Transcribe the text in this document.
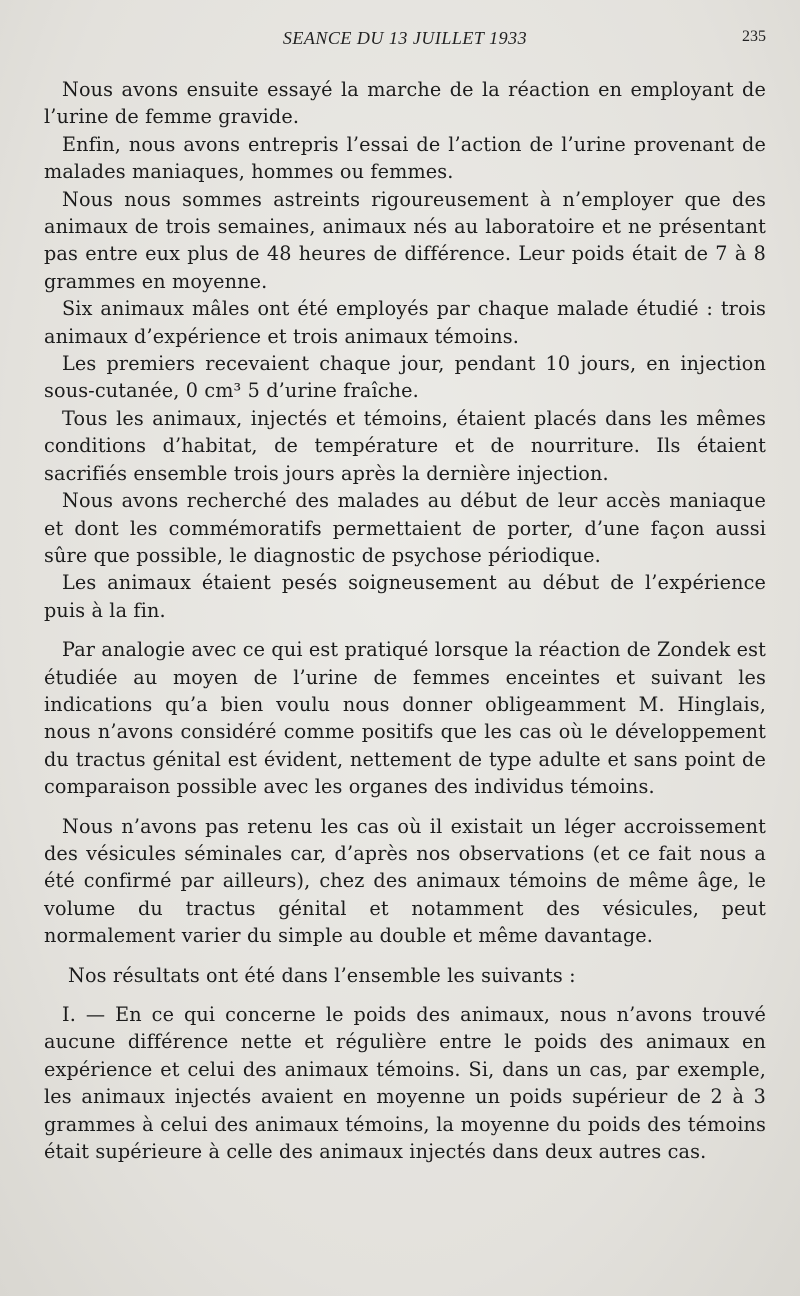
SEANCE DU 13 JUILLET 1933	235

Nous avons ensuite essayé la marche de la réaction en employant de l’urine de femme gravide.

Enfin, nous avons entrepris l’essai de l’action de l’urine provenant de malades maniaques, hommes ou femmes.

Nous nous sommes astreints rigoureusement à n’employer que des animaux de trois semaines, animaux nés au laboratoire et ne présentant pas entre eux plus de 48 heures de différence. Leur poids était de 7 à 8 grammes en moyenne.

Six animaux mâles ont été employés par chaque malade étudié : trois animaux d’expérience et trois animaux témoins.

Les premiers recevaient chaque jour, pendant 10 jours, en injection sous-cutanée, 0 cm³ 5 d’urine fraîche.

Tous les animaux, injectés et témoins, étaient placés dans les mêmes conditions d’habitat, de température et de nourriture. Ils étaient sacrifiés ensemble trois jours après la dernière injection.

Nous avons recherché des malades au début de leur accès maniaque et dont les commémoratifs permettaient de porter, d’une façon aussi sûre que possible, le diagnostic de psychose périodique.

Les animaux étaient pesés soigneusement au début de l’expérience puis à la fin.

Par analogie avec ce qui est pratiqué lorsque la réaction de Zondek est étudiée au moyen de l’urine de femmes enceintes et suivant les indications qu’a bien voulu nous donner obligeamment M. Hinglais, nous n’avons considéré comme positifs que les cas où le développement du tractus génital est évident, nettement de type adulte et sans point de comparaison possible avec les organes des individus témoins.

Nous n’avons pas retenu les cas où il existait un léger accroissement des vésicules séminales car, d’après nos observations (et ce fait nous a été confirmé par ailleurs), chez des animaux témoins de même âge, le volume du tractus génital et notamment des vésicules, peut normalement varier du simple au double et même davantage.

Nos résultats ont été dans l’ensemble les suivants :

I. — En ce qui concerne le poids des animaux, nous n’avons trouvé aucune différence nette et régulière entre le poids des animaux en expérience et celui des animaux témoins. Si, dans un cas, par exemple, les animaux injectés avaient en moyenne un poids supérieur de 2 à 3 grammes à celui des animaux témoins, la moyenne du poids des témoins était supérieure à celle des animaux injectés dans deux autres cas.
